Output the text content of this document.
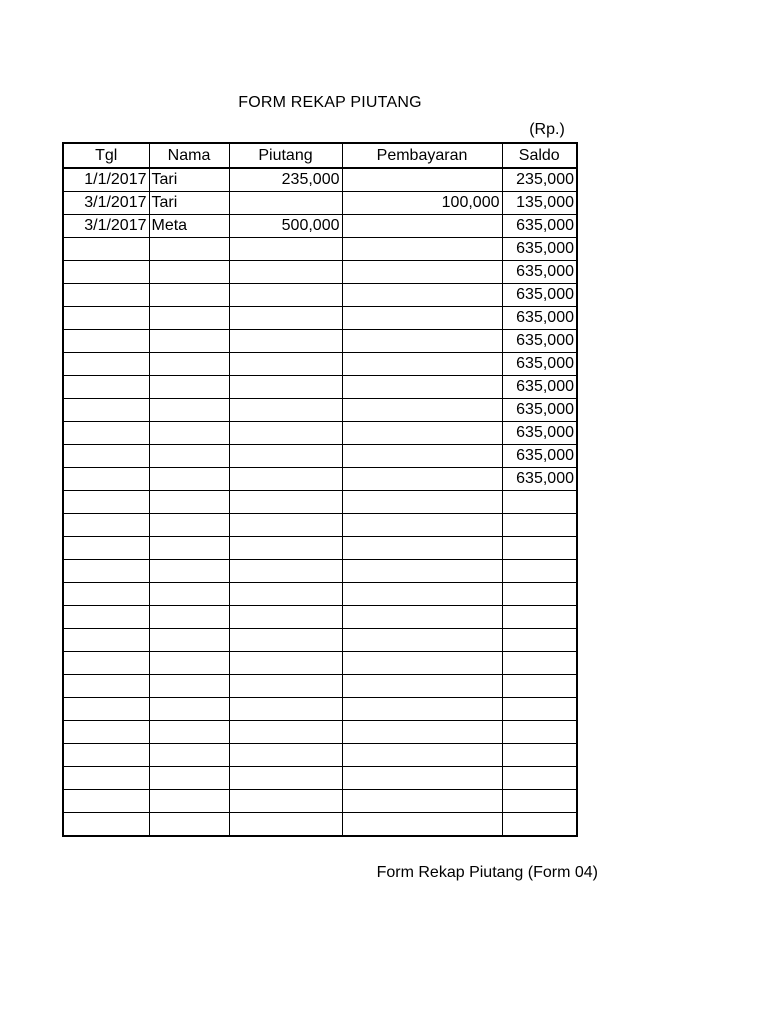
FORM REKAP PIUTANG
(Rp.)
Tgl	Nama	Piutang	Pembayaran	Saldo
1/1/2017	Tari	235,000		235,000
3/1/2017	Tari		100,000	135,000
3/1/2017	Meta	500,000		635,000
				635,000
				635,000
				635,000
				635,000
				635,000
				635,000
				635,000
				635,000
				635,000
				635,000
				635,000

Form Rekap Piutang (Form 04)
